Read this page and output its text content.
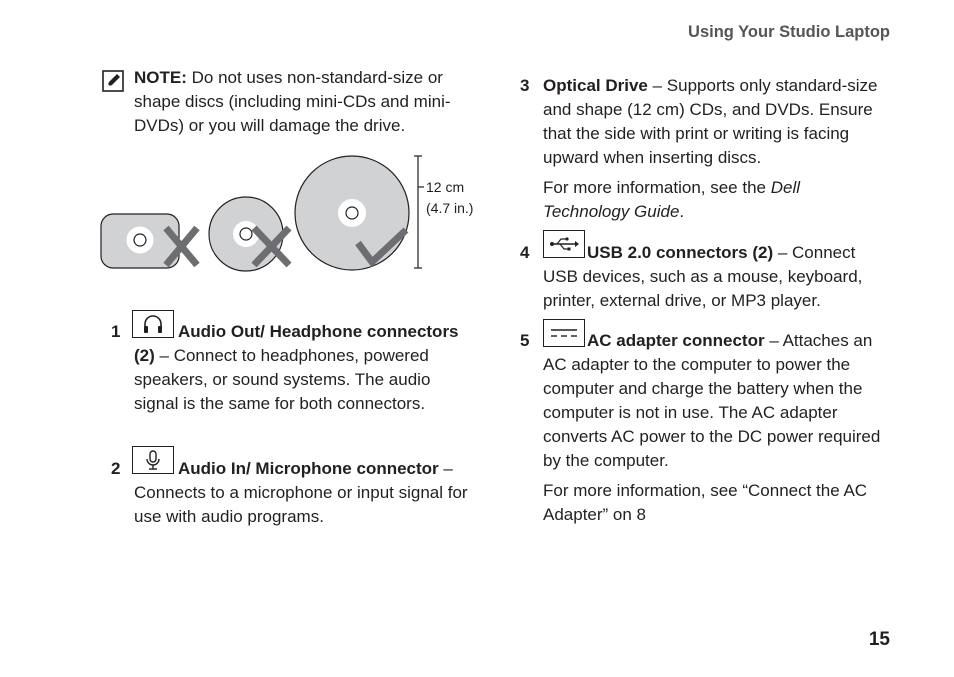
Using Your Studio Laptop
NOTE: Do not uses non-standard-size or shape discs (including mini-CDs and mini-DVDs) or you will damage the drive.
12 cm
(4.7 in.)
1	Audio Out/ Headphone connectors (2) – Connect to headphones, powered speakers, or sound systems. The audio signal is the same for both connectors.
2	Audio In/ Microphone connector – Connects to a microphone or input signal for use with audio programs.
3 Optical Drive – Supports only standard-size and shape (12 cm) CDs, and DVDs. Ensure that the side with print or writing is facing upward when inserting discs.
For more information, see the Dell Technology Guide.
4	USB 2.0 connectors (2) – Connect USB devices, such as a mouse, keyboard, printer, external drive, or MP3 player.
5	AC adapter connector – Attaches an AC adapter to the computer to power the computer and charge the battery when the computer is not in use. The AC adapter converts AC power to the DC power required by the computer.
For more information, see “Connect the AC Adapter” on 8
15
